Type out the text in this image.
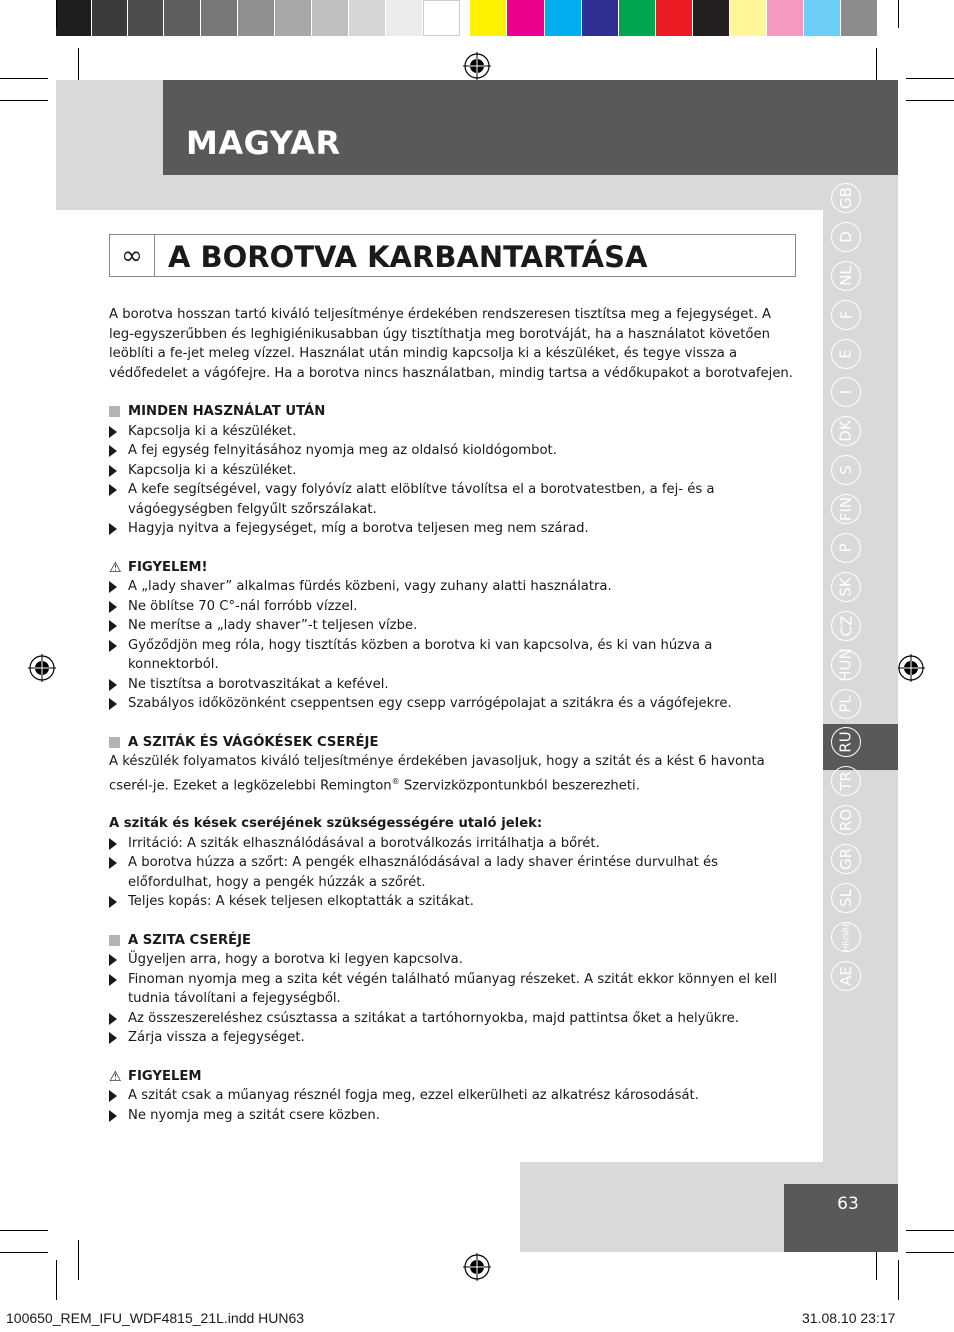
MAGYAR
GB
D
NL
F
E
I
DK
S
FIN
P
SK
CZ
HUN
PL
RU
TR
RO
GR
SL
HR/SRB
AE
63
∞ A BOROTVA KARBANTARTÁSA

A borotva hosszan tartó kiváló teljesítménye érdekében rendszeresen tisztítsa meg a fejegységet. A leg-egyszerűbben és leghigiénikusabban úgy tisztíthatja meg borotváját, ha a használatot követően leöblíti a fe-jet meleg vízzel. Használat után mindig kapcsolja ki a készüléket, és tegye vissza a védőfedelet a vágófejre. Ha a borotva nincs használatban, mindig tartsa a védőkupakot a borotvafejen.

MINDEN HASZNÁLAT UTÁN
Kapcsolja ki a készüléket.
A fej egység felnyitásához nyomja meg az oldalsó kioldógombot.
Kapcsolja ki a készüléket.
A kefe segítségével, vagy folyóvíz alatt elöblítve távolítsa el a borotvatestben, a fej- és a vágóegységben felgyűlt szőrszálakat.
Hagyja nyitva a fejegységet, míg a borotva teljesen meg nem szárad.
⚠ FIGYELEM!
A „lady shaver” alkalmas fürdés közbeni, vagy zuhany alatti használatra.
Ne öblítse 70 C°-nál forróbb vízzel.
Ne merítse a „lady shaver”-t teljesen vízbe.
Győződjön meg róla, hogy tisztítás közben a borotva ki van kapcsolva, és ki van húzva a konnektorból.
Ne tisztítsa a borotvaszitákat a kefével.
Szabályos időközönként cseppentsen egy csepp varrógépolajat a szitákra és a vágófejekre.
A SZITÁK ÉS VÁGÓKÉSEK CSERÉJE

A készülék folyamatos kiváló teljesítménye érdekében javasoljuk, hogy a szitát és a kést 6 havonta cserél-je. Ezeket a legközelebbi Remington® Szervizközpontunkból beszerezheti.

A sziták és kések cseréjének szükségességére utaló jelek:

Irritáció: A sziták elhasználódásával a borotválkozás irritálhatja a bőrét.
A borotva húzza a szőrt: A pengék elhasználódásával a lady shaver érintése durvulhat és előfordulhat, hogy a pengék húzzák a szőrét.
Teljes kopás: A kések teljesen elkoptatták a szitákat.
A SZITA CSERÉJE
Ügyeljen arra, hogy a borotva ki legyen kapcsolva.
Finoman nyomja meg a szita két végén található műanyag részeket. A szitát ekkor könnyen el kell tudnia távolítani a fejegységből.
Az összeszereléshez csúsztassa a szitákat a tartóhornyokba, majd pattintsa őket a helyükre.
Zárja vissza a fejegységet.
⚠ FIGYELEM
A szitát csak a műanyag résznél fogja meg, ezzel elkerülheti az alkatrész károsodását.
Ne nyomja meg a szitát csere közben.
100650_REM_IFU_WDF4815_21L.indd HUN63	31.08.10 23:17
